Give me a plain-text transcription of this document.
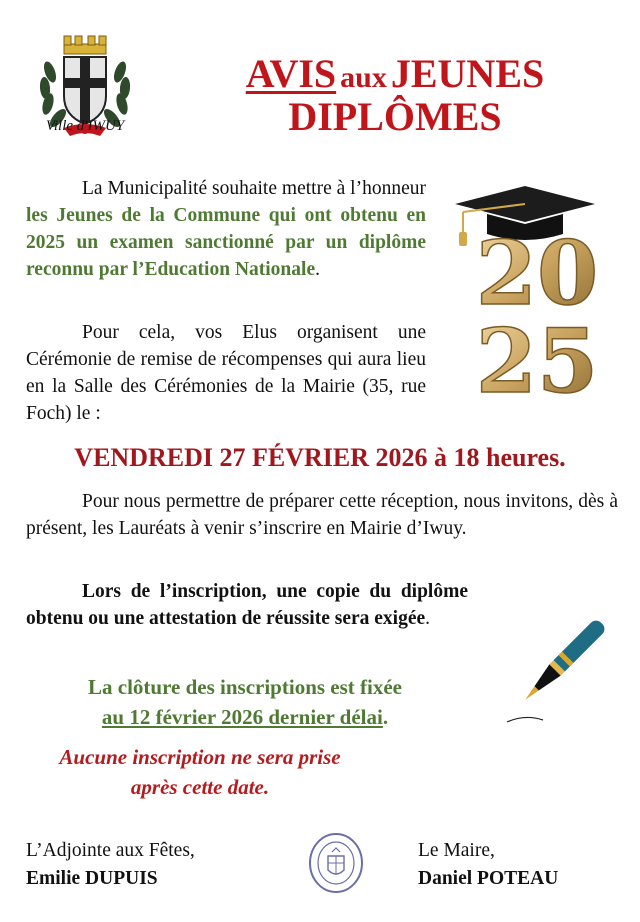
Ville d'IWUY
AVIS aux JEUNES
DIPLÔMES
La Municipalité souhaite mettre à l’honneur les Jeunes de la Commune qui ont obtenu en 2025 un examen sanctionné par un diplôme reconnu par l’Education Nationale.
Pour cela, vos Elus organisent une Cérémonie de remise de récompenses qui aura lieu en la Salle des Cérémonies de la Mairie (35, rue Foch) le :
VENDREDI 27 FÉVRIER 2026 à 18 heures.
Pour nous permettre de préparer cette réception, nous invitons, dès à présent, les Lauréats à venir s’inscrire en Mairie d’Iwuy.
Lors de l’inscription, une copie du diplôme obtenu ou une attestation de réussite sera exigée.
La clôture des inscriptions est fixée
au 12 février 2026 dernier délai.
Aucune inscription ne sera prise
après cette date.
L’Adjointe aux Fêtes,
Emilie DUPUIS
Le Maire,
Daniel POTEAU
20
25
